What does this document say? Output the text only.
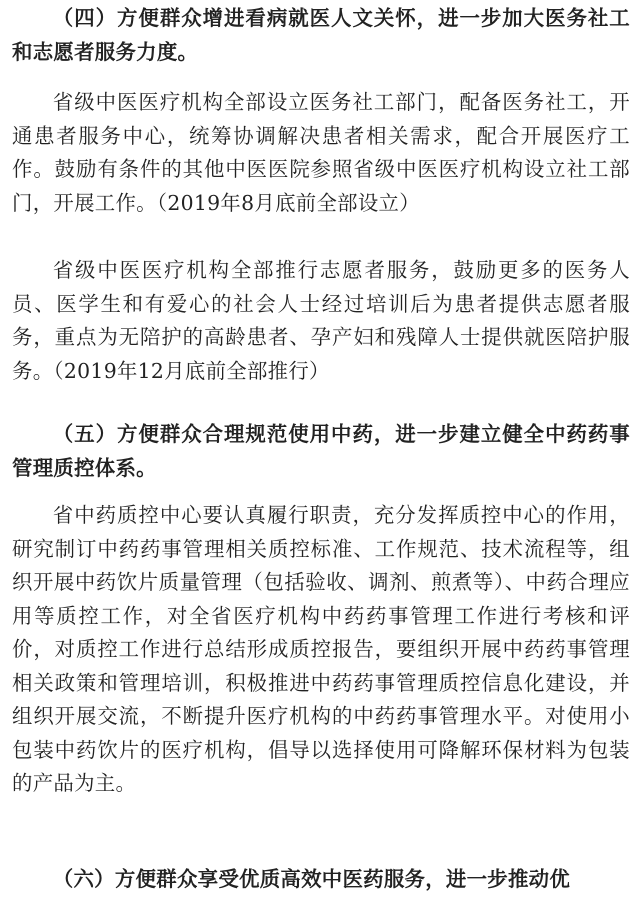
（四）方便群众增进看病就医人文关怀，进一步加大医务社工和志愿者服务力度。

省级中医医疗机构全部设立医务社工部门，配备医务社工，开通患者服务中心，统筹协调解决患者相关需求，配合开展医疗工作。鼓励有条件的其他中医医院参照省级中医医疗机构设立社工部门，开展工作。（2019年8月底前全部设立）

省级中医医疗机构全部推行志愿者服务，鼓励更多的医务人员、医学生和有爱心的社会人士经过培训后为患者提供志愿者服务，重点为无陪护的高龄患者、孕产妇和残障人士提供就医陪护服务。（2019年12月底前全部推行）

（五）方便群众合理规范使用中药，进一步建立健全中药药事管理质控体系。

省中药质控中心要认真履行职责，充分发挥质控中心的作用，研究制订中药药事管理相关质控标准、工作规范、技术流程等，组织开展中药饮片质量管理（包括验收、调剂、煎煮等）、中药合理应用等质控工作，对全省医疗机构中药药事管理工作进行考核和评价，对质控工作进行总结形成质控报告，要组织开展中药药事管理相关政策和管理培训，积极推进中药药事管理质控信息化建设，并组织开展交流，不断提升医疗机构的中药药事管理水平。对使用小包装中药饮片的医疗机构，倡导以选择使用可降解环保材料为包装的产品为主。

（六）方便群众享受优质高效中医药服务，进一步推动优
